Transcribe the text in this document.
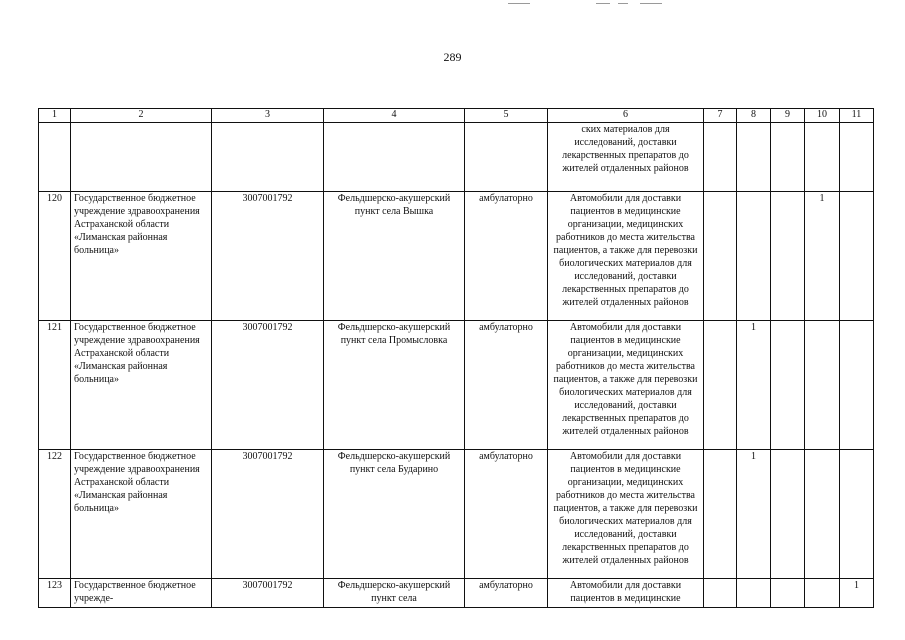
289
1	2	3	4	5	6	7	8	9	10	11
					ских материалов для исследований, доставки лекарственных препаратов до жителей отдаленных районов					
120	Государственное бюджетное учреждение здравоохранения Астраханской области «Лиманская районная больница»	3007001792	Фельдшерско-акушерский пункт села Вышка	амбулаторно	Автомобили для доставки пациентов в медицинские организации, медицинских работников до места жительства пациентов, а также для перевозки биологических материалов для исследований, доставки лекарственных препаратов до жителей отдаленных районов				1	
121	Государственное бюджетное учреждение здравоохранения Астраханской области «Лиманская районная больница»	3007001792	Фельдшерско-акушерский пункт села Промысловка	амбулаторно	Автомобили для доставки пациентов в медицинские организации, медицинских работников до места жительства пациентов, а также для перевозки биологических материалов для исследований, доставки лекарственных препаратов до жителей отдаленных районов		1			
122	Государственное бюджетное учреждение здравоохранения Астраханской области «Лиманская районная больница»	3007001792	Фельдшерско-акушерский пункт села Бударино	амбулаторно	Автомобили для доставки пациентов в медицинские организации, медицинских работников до места жительства пациентов, а также для перевозки биологических материалов для исследований, доставки лекарственных препаратов до жителей отдаленных районов		1			
123	Государственное бюджетное учрежде-	3007001792	Фельдшерско-акушерский пункт села	амбулаторно	Автомобили для доставки пациентов в медицинские					1
